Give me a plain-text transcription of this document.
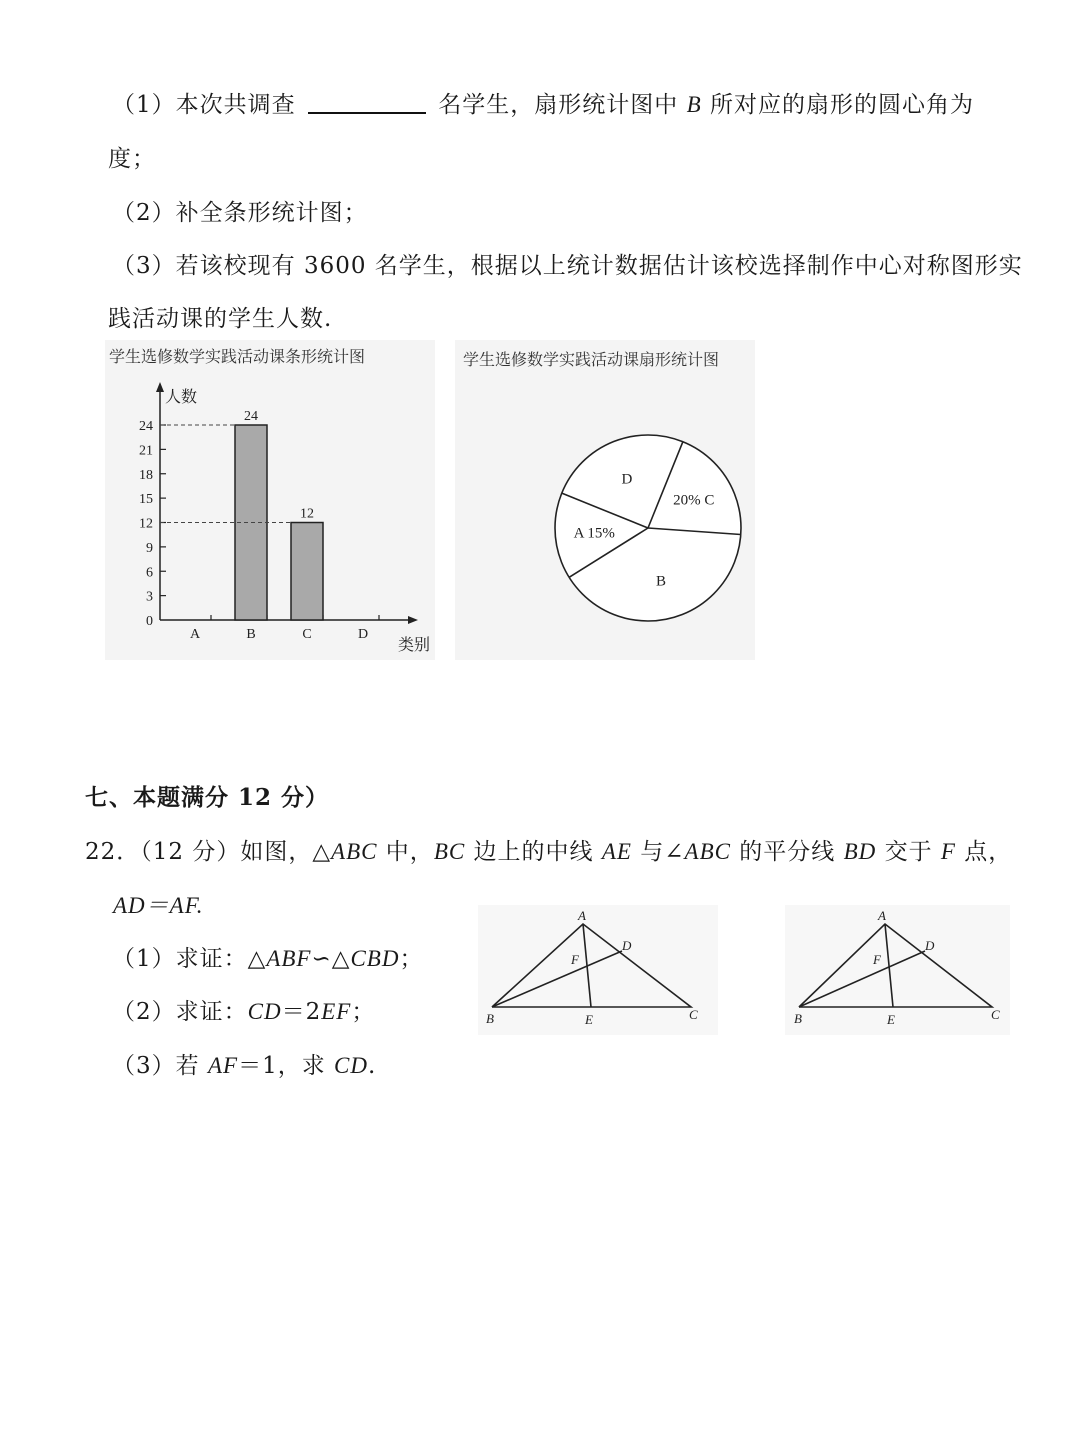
（1）本次共调查	名学生，扇形统计图中 B 所对应的扇形的圆心角为
度；
（2）补全条形统计图；
（3）若该校现有 3600 名学生，根据以上统计数据估计该校选择制作中心对称图形实
践活动课的学生人数.
学生选修数学实践活动课条形统计图
人数
类别
0
3
6
9
12
15
18
21
24
A	B
24
C
12
D
学生选修数学实践活动课扇形统计图
20% C
B
A 15%
D
七、本题满分 12 分）
22．（12 分）如图，△ABC 中，BC 边上的中线 AE 与∠ABC 的平分线 BD 交于 F 点，
AD＝AF.
（1）求证：△ABF∽△CBD；
（2）求证：CD＝2EF；
（3）若 AF＝1，求 CD.
A
B	C
D
E
F
A
B	C
D
E
F
